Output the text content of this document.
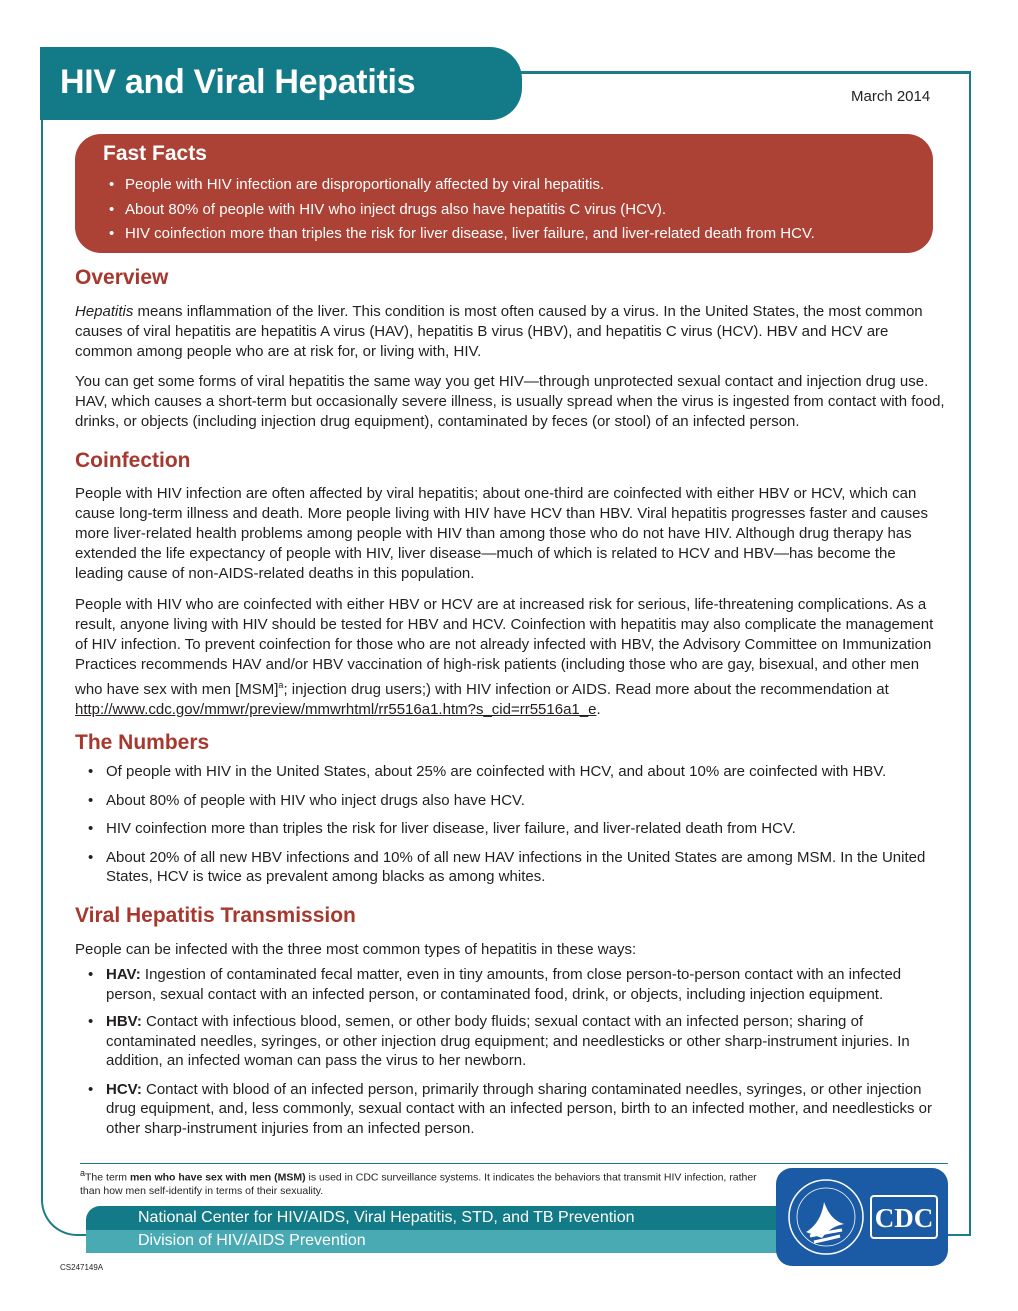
HIV and Viral Hepatitis	March 2014
Fast Facts
• People with HIV infection are disproportionally affected by viral hepatitis.
• About 80% of people with HIV who inject drugs also have hepatitis C virus (HCV).
• HIV coinfection more than triples the risk for liver disease, liver failure, and liver-related death from HCV.
Overview

Hepatitis means inflammation of the liver. This condition is most often caused by a virus. In the United States, the most common causes of viral hepatitis are hepatitis A virus (HAV), hepatitis B virus (HBV), and hepatitis C virus (HCV). HBV and HCV are common among people who are at risk for, or living with, HIV.

You can get some forms of viral hepatitis the same way you get HIV—through unprotected sexual contact and injection drug use. HAV, which causes a short-term but occasionally severe illness, is usually spread when the virus is ingested from contact with food, drinks, or objects (including injection drug equipment), contaminated by feces (or stool) of an infected person.

Coinfection

People with HIV infection are often affected by viral hepatitis; about one-third are coinfected with either HBV or HCV, which can cause long-term illness and death. More people living with HIV have HCV than HBV. Viral hepatitis progresses faster and causes more liver-related health problems among people with HIV than among those who do not have HIV. Although drug therapy has extended the life expectancy of people with HIV, liver disease—much of which is related to HCV and HBV—has become the leading cause of non-AIDS-related deaths in this population.

People with HIV who are coinfected with either HBV or HCV are at increased risk for serious, life-threatening complications. As a result, anyone living with HIV should be tested for HBV and HCV. Coinfection with hepatitis may also complicate the management of HIV infection. To prevent coinfection for those who are not already infected with HBV, the Advisory Committee on Immunization Practices recommends HAV and/or HBV vaccination of high-risk patients (including those who are gay, bisexual, and other men who have sex with men [MSM]$^a$; injection drug users;) with HIV infection or AIDS. Read more about the recommendation at http://www.cdc.gov/mmwr/preview/mmwrhtml/rr5516a1.htm?s_cid=rr5516a1_e.

The Numbers
• Of people with HIV in the United States, about 25% are coinfected with HCV, and about 10% are coinfected with HBV.
• About 80% of people with HIV who inject drugs also have HCV.
• HIV coinfection more than triples the risk for liver disease, liver failure, and liver-related death from HCV.
• About 20% of all new HBV infections and 10% of all new HAV infections in the United States are among MSM. In the United States, HCV is twice as prevalent among blacks as among whites.
Viral Hepatitis Transmission

People can be infected with the three most common types of hepatitis in these ways:

• HAV: Ingestion of contaminated fecal matter, even in tiny amounts, from close person-to-person contact with an infected person, sexual contact with an infected person, or contaminated food, drink, or objects, including injection equipment.
• HBV: Contact with infectious blood, semen, or other body fluids; sexual contact with an infected person; sharing of contaminated needles, syringes, or other injection drug equipment; and needlesticks or other sharp-instrument injuries. In addition, an infected woman can pass the virus to her newborn.
• HCV: Contact with blood of an infected person, primarily through sharing contaminated needles, syringes, or other injection drug equipment, and, less commonly, sexual contact with an infected person, birth to an infected mother, and needlesticks or other sharp-instrument injuries from an infected person.
$^a$The term men who have sex with men (MSM) is used in CDC surveillance systems. It indicates the behaviors that transmit HIV infection, rather than how men self-identify in terms of their sexuality.
National Center for HIV/AIDS, Viral Hepatitis, STD, and TB Prevention
Division of HIV/AIDS Prevention
CDC
CS247149A
